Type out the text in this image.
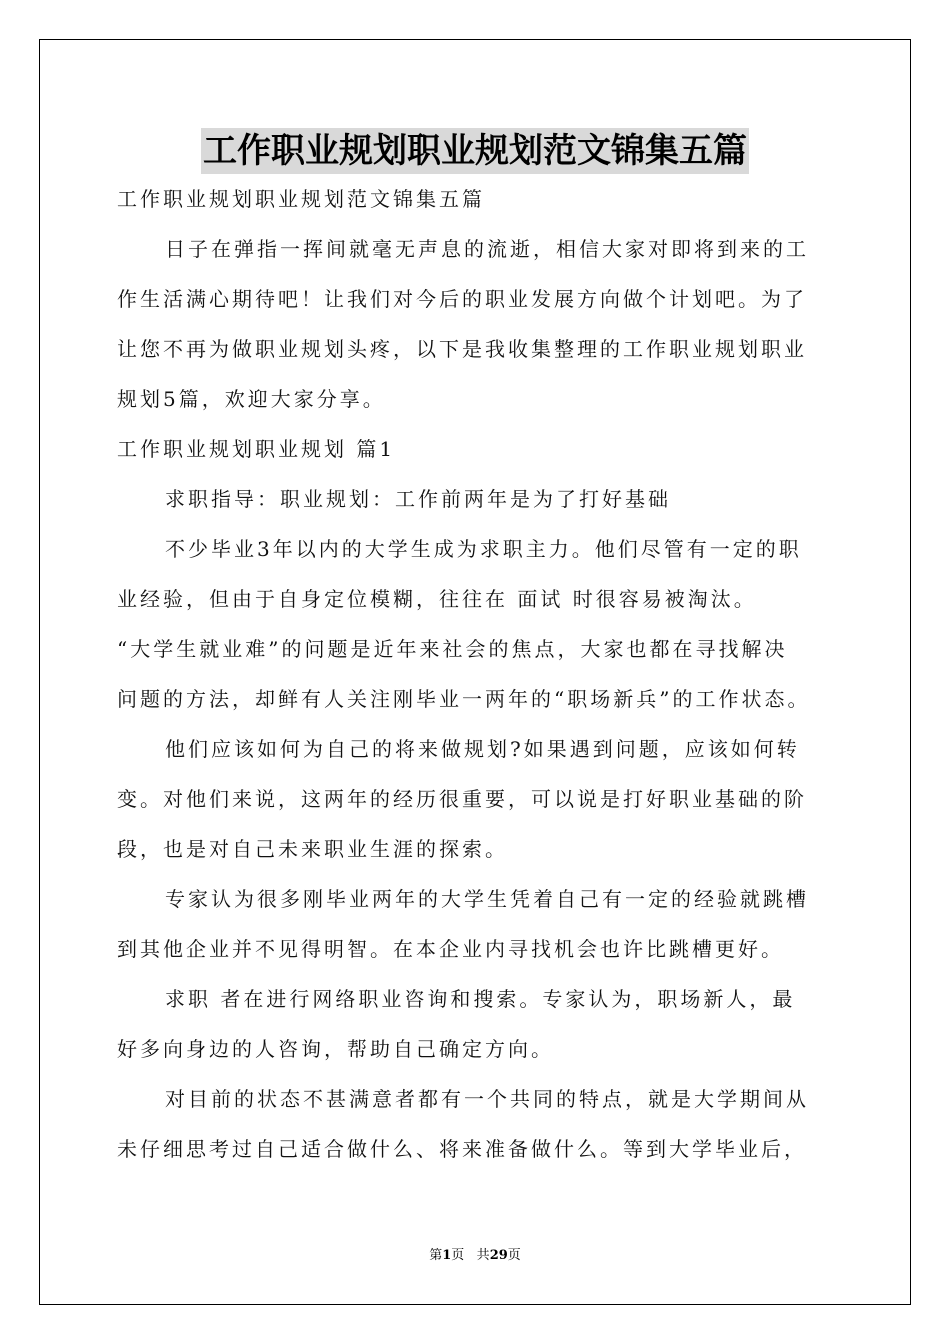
工作职业规划职业规划范文锦集五篇
工作职业规划职业规划范文锦集五篇
日子在弹指一挥间就毫无声息的流逝，相信大家对即将到来的工
作生活满心期待吧！让我们对今后的职业发展方向做个计划吧。为了
让您不再为做职业规划头疼，以下是我收集整理的工作职业规划职业
规划5篇，欢迎大家分享。
工作职业规划职业规划 篇1
求职指导：职业规划：工作前两年是为了打好基础
不少毕业3年以内的大学生成为求职主力。他们尽管有一定的职
业经验，但由于自身定位模糊，往往在 面试 时很容易被淘汰。
“大学生就业难”的问题是近年来社会的焦点，大家也都在寻找解决
问题的方法，却鲜有人关注刚毕业一两年的“职场新兵”的工作状态。
他们应该如何为自己的将来做规划?如果遇到问题，应该如何转
变。对他们来说，这两年的经历很重要，可以说是打好职业基础的阶
段，也是对自己未来职业生涯的探索。
专家认为很多刚毕业两年的大学生凭着自己有一定的经验就跳槽
到其他企业并不见得明智。在本企业内寻找机会也许比跳槽更好。
求职 者在进行网络职业咨询和搜索。专家认为，职场新人，最
好多向身边的人咨询，帮助自己确定方向。
对目前的状态不甚满意者都有一个共同的特点，就是大学期间从
未仔细思考过自己适合做什么、将来准备做什么。等到大学毕业后，
第1页 共29页
